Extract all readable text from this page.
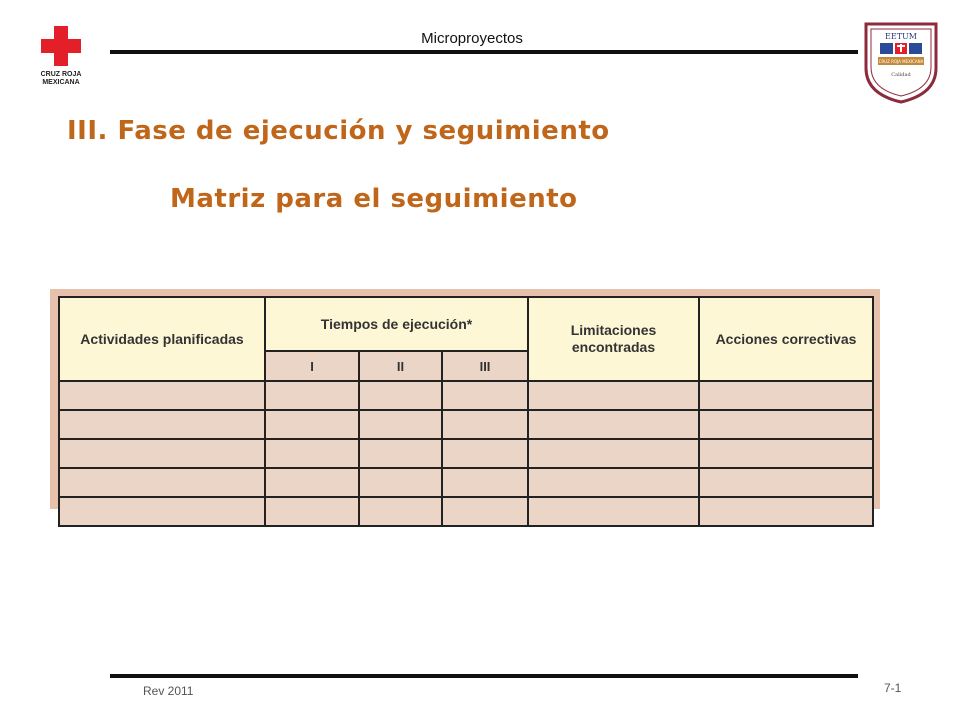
CRUZ ROJA
MEXICANA
Microproyectos	EETUM
CRUZ ROJA MEXICANA
Calidad
III. Fase de ejecución y seguimiento
Matriz para el seguimiento
Actividades planificadas	Tiempos de ejecución*			Limitaciones encontradas	Acciones correctivas
	I	II	III		

Rev 2011	7-1
